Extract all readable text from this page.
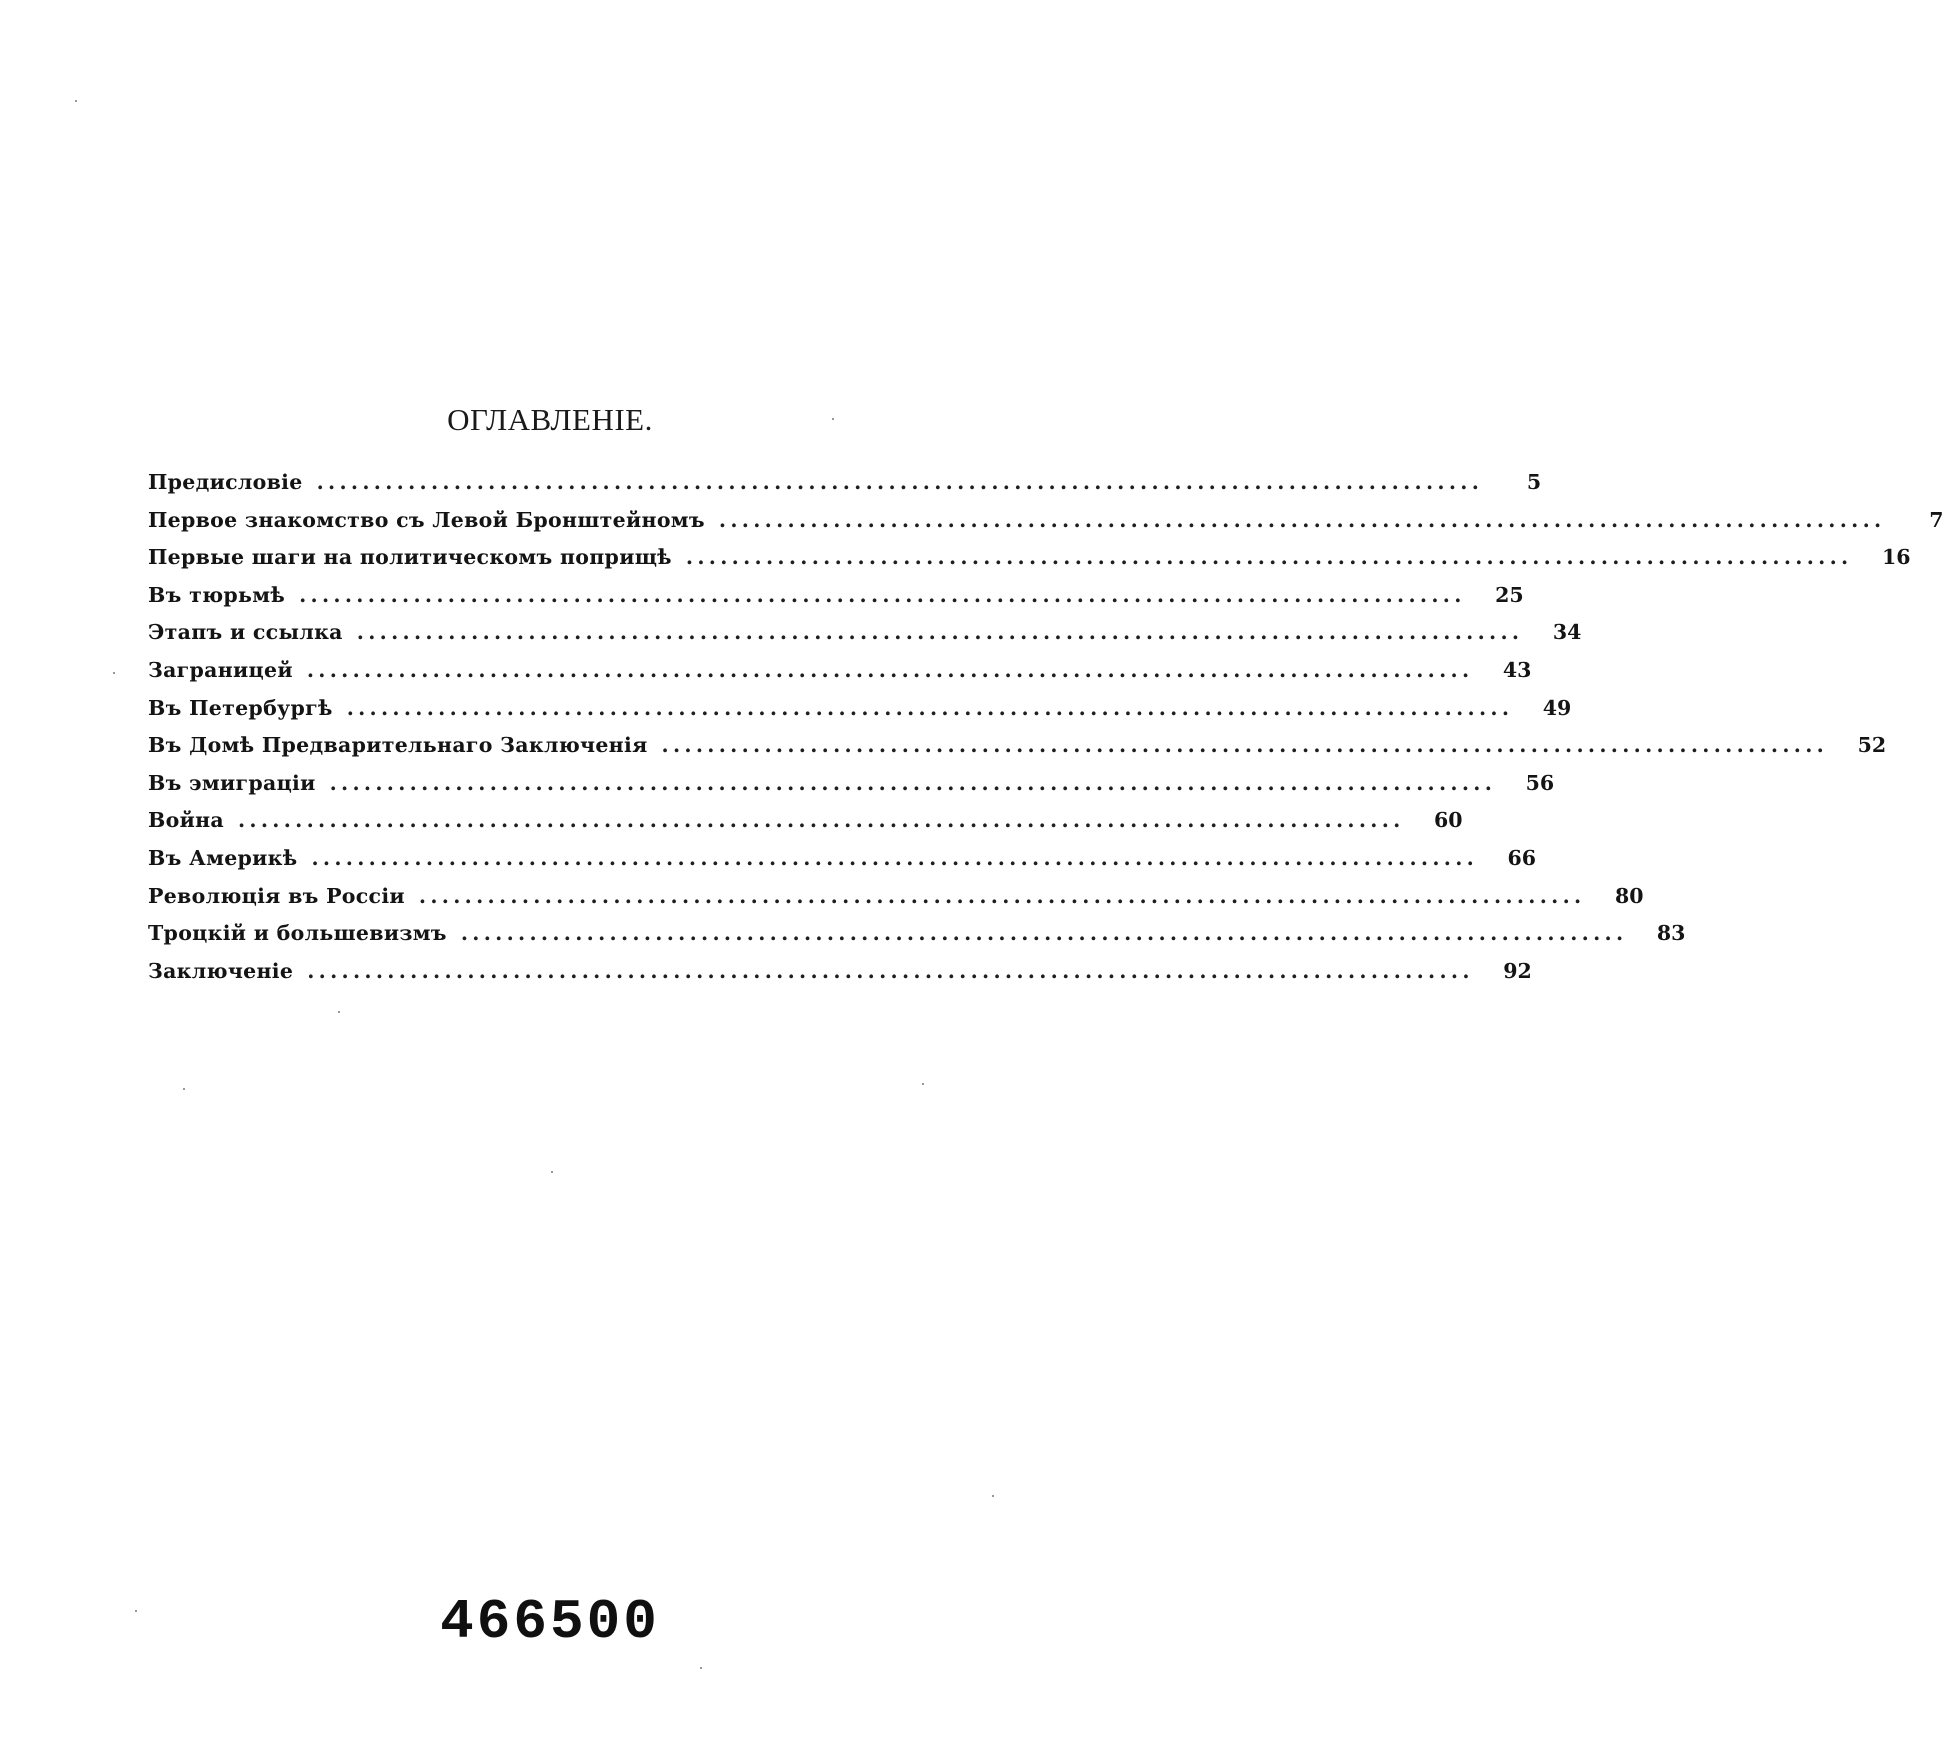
ОГЛАВЛЕНІЕ.
Предисловіе ......................................................................................................	5
Первое знакомство съ Левой Бронштейномъ ......................................................................................................	7
Первые шаги на политическомъ поприщѣ ......................................................................................................	16
Въ тюрьмѣ ......................................................................................................	25
Этапъ и ссылка ......................................................................................................	34
Заграницей ......................................................................................................	43
Въ Петербургѣ ......................................................................................................	49
Въ Домѣ Предварительнаго Заключенія ......................................................................................................	52
Въ эмиграціи ......................................................................................................	56
Война ......................................................................................................	60
Въ Америкѣ ......................................................................................................	66
Революція въ Россіи ......................................................................................................	80
Троцкій и большевизмъ ......................................................................................................	83
Заключеніе ......................................................................................................	92
466500
